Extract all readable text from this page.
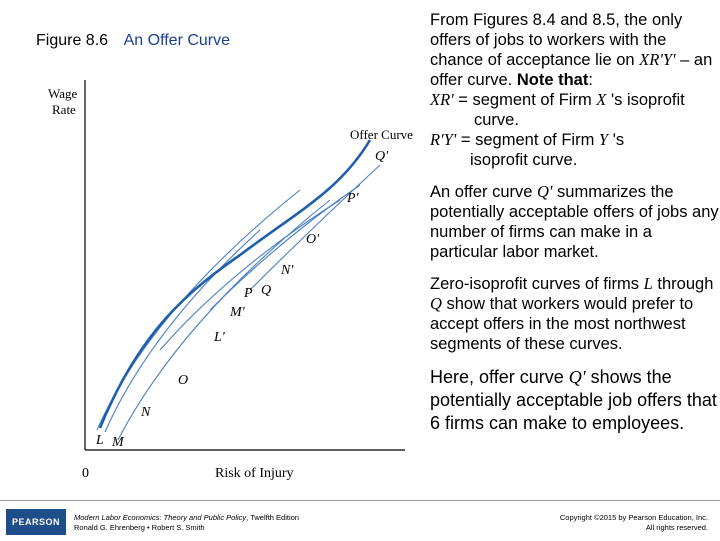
Figure 8.6 An Offer Curve
Wage
Rate
Risk of Injury
0
Offer Curve
Q'
P'
O'
N'
P Q
M'
L'
O
N
L M

From Figures 8.4 and 8.5, the only offers of jobs to workers with the chance of acceptance lie on XR'Y' – an offer curve. Note that:
XR' = segment of Firm X 's isoprofit
curve.
R'Y' = segment of Firm Y 's
isoprofit curve.

An offer curve Q' summarizes the potentially acceptable offers of jobs any number of firms can make in a particular labor market.

Zero-isoprofit curves of firms L through Q show that workers would prefer to accept offers in the most northwest segments of these curves.

Here, offer curve Q' shows the potentially acceptable job offers that 6 firms can make to employees.

PEARSON	Modern Labor Economics: Theory and Public Policy, Twelfth Edition
Ronald G. Ehrenberg • Robert S. Smith
Copyright ©2015 by Pearson Education, Inc.
All rights reserved.
